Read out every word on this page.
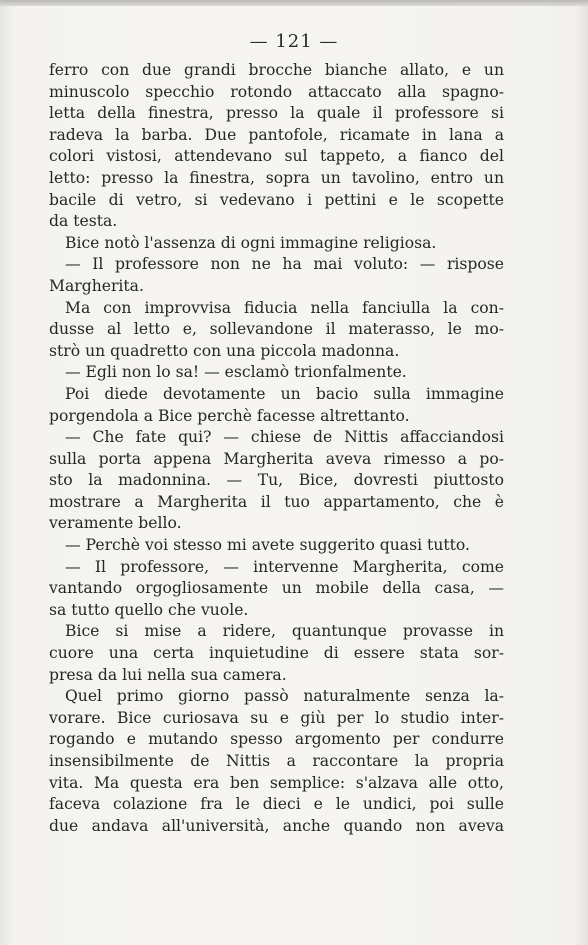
— 121 —
ferro con due grandi brocche bianche allato, e un
minuscolo specchio rotondo attaccato alla spagno-
letta della finestra, presso la quale il professore si
radeva la barba. Due pantofole, ricamate in lana a
colori vistosi, attendevano sul tappeto, a fianco del
letto: presso la finestra, sopra un tavolino, entro un
bacile di vetro, si vedevano i pettini e le scopette
da testa.
Bice notò l'assenza di ogni immagine religiosa.
— Il professore non ne ha mai voluto: — rispose
Margherita.
Ma con improvvisa fiducia nella fanciulla la con-
dusse al letto e, sollevandone il materasso, le mo-
strò un quadretto con una piccola madonna.
— Egli non lo sa! — esclamò trionfalmente.
Poi diede devotamente un bacio sulla immagine
porgendola a Bice perchè facesse altrettanto.
— Che fate qui? — chiese de Nittis affacciandosi
sulla porta appena Margherita aveva rimesso a po-
sto la madonnina. — Tu, Bice, dovresti piuttosto
mostrare a Margherita il tuo appartamento, che è
veramente bello.
— Perchè voi stesso mi avete suggerito quasi tutto.
— Il professore, — intervenne Margherita, come
vantando orgogliosamente un mobile della casa, —
sa tutto quello che vuole.
Bice si mise a ridere, quantunque provasse in
cuore una certa inquietudine di essere stata sor-
presa da lui nella sua camera.
Quel primo giorno passò naturalmente senza la-
vorare. Bice curiosava su e giù per lo studio inter-
rogando e mutando spesso argomento per condurre
insensibilmente de Nittis a raccontare la propria
vita. Ma questa era ben semplice: s'alzava alle otto,
faceva colazione fra le dieci e le undici, poi sulle
due andava all'università, anche quando non aveva
